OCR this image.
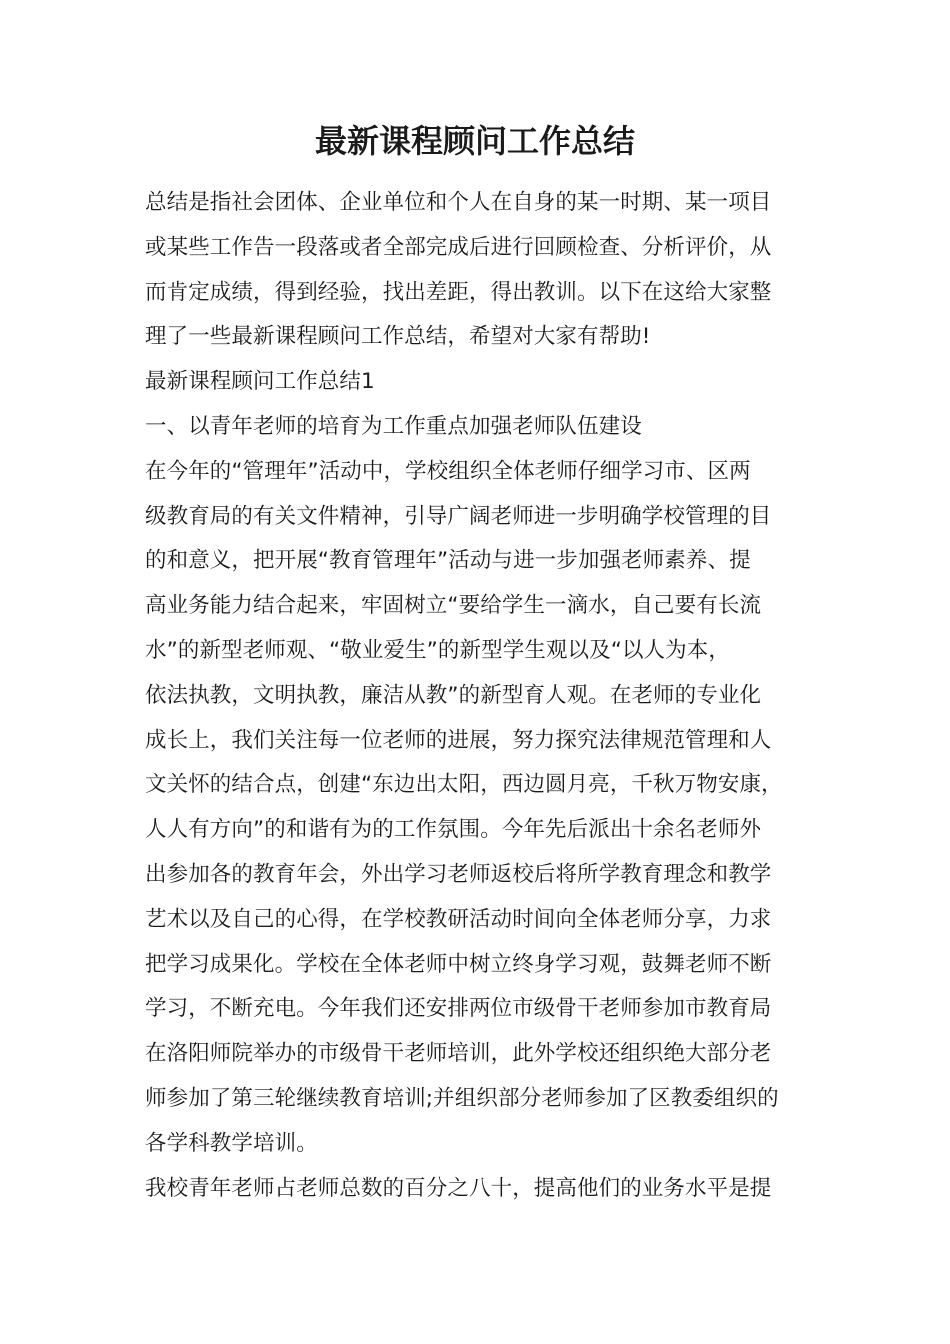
最新课程顾问工作总结
总结是指社会团体、企业单位和个人在自身的某一时期、某一项目
或某些工作告一段落或者全部完成后进行回顾检查、分析评价，从
而肯定成绩，得到经验，找出差距，得出教训。以下在这给大家整
理了一些最新课程顾问工作总结，希望对大家有帮助!
最新课程顾问工作总结1
一、以青年老师的培育为工作重点加强老师队伍建设
在今年的“管理年”活动中，学校组织全体老师仔细学习市、区两
级教育局的有关文件精神，引导广阔老师进一步明确学校管理的目
的和意义，把开展“教育管理年”活动与进一步加强老师素养、提
高业务能力结合起来，牢固树立“要给学生一滴水，自己要有长流
水”的新型老师观、“敬业爱生”的新型学生观以及“以人为本，
依法执教，文明执教，廉洁从教”的新型育人观。在老师的专业化
成长上，我们关注每一位老师的进展，努力探究法律规范管理和人
文关怀的结合点，创建“东边出太阳，西边圆月亮，千秋万物安康，
人人有方向”的和谐有为的工作氛围。今年先后派出十余名老师外
出参加各的教育年会，外出学习老师返校后将所学教育理念和教学
艺术以及自己的心得，在学校教研活动时间向全体老师分享，力求
把学习成果化。学校在全体老师中树立终身学习观，鼓舞老师不断
学习，不断充电。今年我们还安排两位市级骨干老师参加市教育局
在洛阳师院举办的市级骨干老师培训，此外学校还组织绝大部分老
师参加了第三轮继续教育培训;并组织部分老师参加了区教委组织的
各学科教学培训。
我校青年老师占老师总数的百分之八十，提高他们的业务水平是提
